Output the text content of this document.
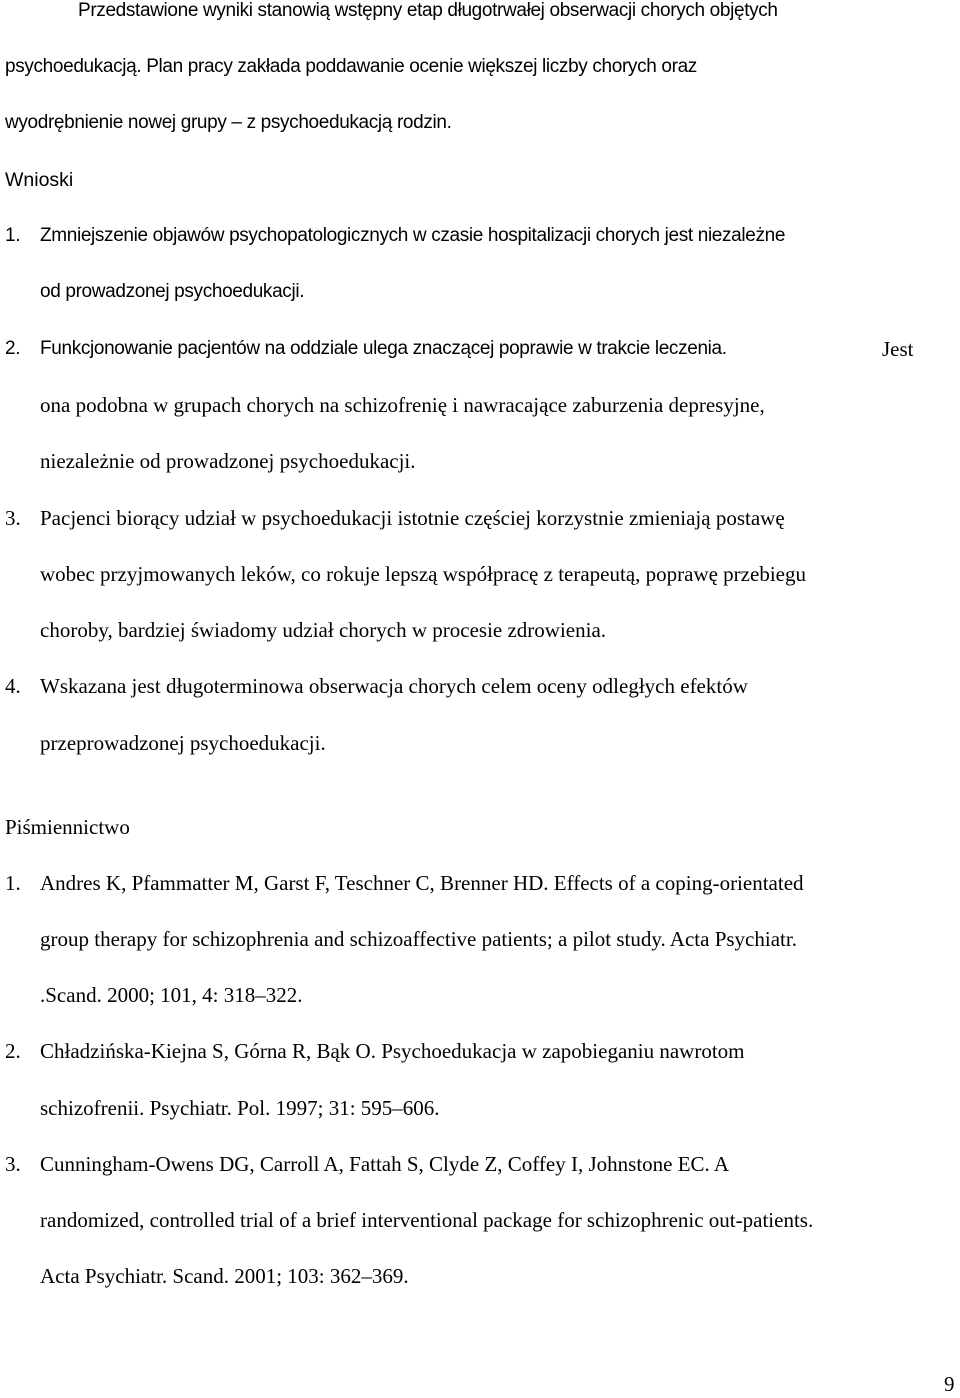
Przedstawione wyniki stanowią wstępny etap długotrwałej obserwacji chorych objętych
psychoedukacją. Plan pracy zakłada poddawanie ocenie większej liczby chorych oraz
wyodrębnienie nowej grupy – z psychoedukacją rodzin.
Wnioski
1. Zmniejszenie objawów psychopatologicznych w czasie hospitalizacji chorych jest niezależne
od prowadzonej psychoedukacji.
2. Funkcjonowanie pacjentów na oddziale ulega znaczącej poprawie w trakcie leczenia.	Jest
ona podobna w grupach chorych na schizofrenię i nawracające zaburzenia depresyjne,
niezależnie od prowadzonej psychoedukacji.
3. Pacjenci biorący udział w psychoedukacji istotnie częściej korzystnie zmieniają postawę
wobec przyjmowanych leków, co rokuje lepszą współpracę z terapeutą, poprawę przebiegu
choroby, bardziej świadomy udział chorych w procesie zdrowienia.
4. Wskazana jest długoterminowa obserwacja chorych celem oceny odległych efektów
przeprowadzonej psychoedukacji.
Piśmiennictwo
1. Andres K, Pfammatter M, Garst F, Teschner C, Brenner HD. Effects of a coping-orientated
group therapy for schizophrenia and schizoaffective patients; a pilot study. Acta Psychiatr.
.Scand. 2000; 101, 4: 318–322.
2. Chładzińska-Kiejna S, Górna R, Bąk O. Psychoedukacja w zapobieganiu nawrotom
schizofrenii. Psychiatr. Pol. 1997; 31: 595–606.
3. Cunningham-Owens DG, Carroll A, Fattah S, Clyde Z, Coffey I, Johnstone EC. A
randomized, controlled trial of a brief interventional package for schizophrenic out-patients.
Acta Psychiatr. Scand. 2001; 103: 362–369.
9
